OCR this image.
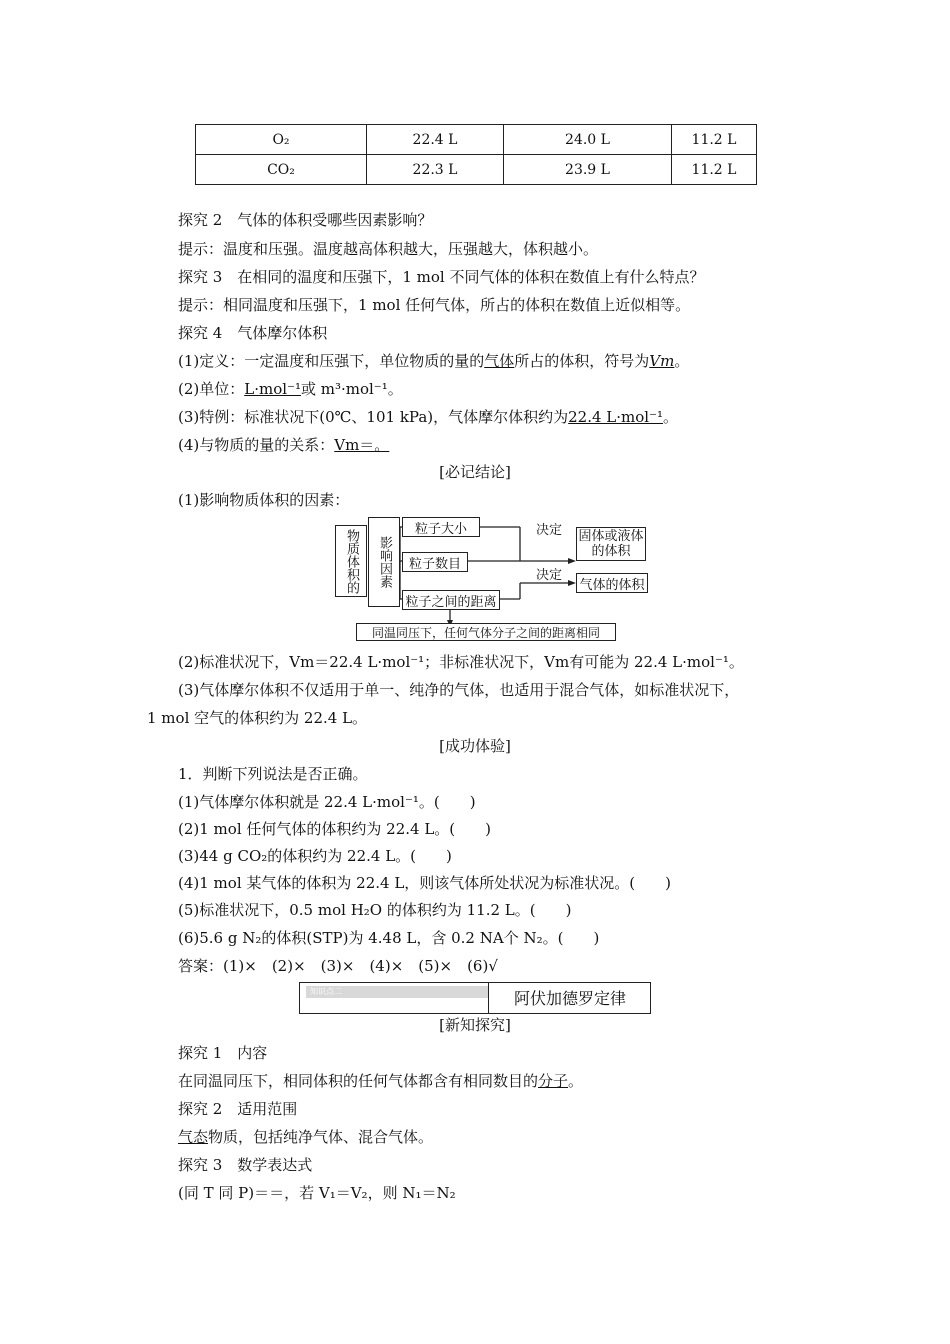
O₂	22.4 L	24.0 L	11.2 L
CO₂	22.3 L	23.9 L	11.2 L
探究 2　气体的体积受哪些因素影响？
提示：温度和压强。温度越高体积越大，压强越大，体积越小。
探究 3　在相同的温度和压强下，1 mol 不同气体的体积在数值上有什么特点？
提示：相同温度和压强下，1 mol 任何气体，所占的体积在数值上近似相等。
探究 4　气体摩尔体积
(1)定义：一定温度和压强下，单位物质的量的气体所占的体积，符号为Vm。
(2)单位：L·mol⁻¹或 m³·mol⁻¹。
(3)特例：标准状况下(0℃、101 kPa)，气体摩尔体积约为22.4 L·mol⁻¹。
(4)与物质的量的关系：Vm＝。
[必记结论]
(1)影响物质体积的因素：
物质体积的	影响因素
粒子大小
粒子数目
粒子之间的距离
决定
决定
固体或液体的体积
气体的体积
同温同压下，任何气体分子之间的距离相同
(2)标准状况下，Vm＝22.4 L·mol⁻¹；非标准状况下，Vm有可能为 22.4 L·mol⁻¹。
(3)气体摩尔体积不仅适用于单一、纯净的气体，也适用于混合气体，如标准状况下，
1 mol 空气的体积约为 22.4 L。
[成功体验]
1．判断下列说法是否正确。
(1)气体摩尔体积就是 22.4 L·mol⁻¹。(　　)
(2)1 mol 任何气体的体积约为 22.4 L。(　　)
(3)44 g CO₂的体积约为 22.4 L。(　　)
(4)1 mol 某气体的体积为 22.4 L，则该气体所处状况为标准状况。(　　)
(5)标准状况下，0.5 mol H₂O 的体积约为 11.2 L。(　　)
(6)5.6 g N₂的体积(STP)为 4.48 L，含 0.2 NA个 N₂。(　　)
答案：(1)×　(2)×　(3)×　(4)×　(5)×　(6)√
知识点二	阿伏加德罗定律
[新知探究]
探究 1　内容
在同温同压下，相同体积的任何气体都含有相同数目的分子。
探究 2　适用范围
气态物质，包括纯净气体、混合气体。
探究 3　数学表达式
(同 T 同 P)＝＝，若 V₁＝V₂，则 N₁＝N₂
